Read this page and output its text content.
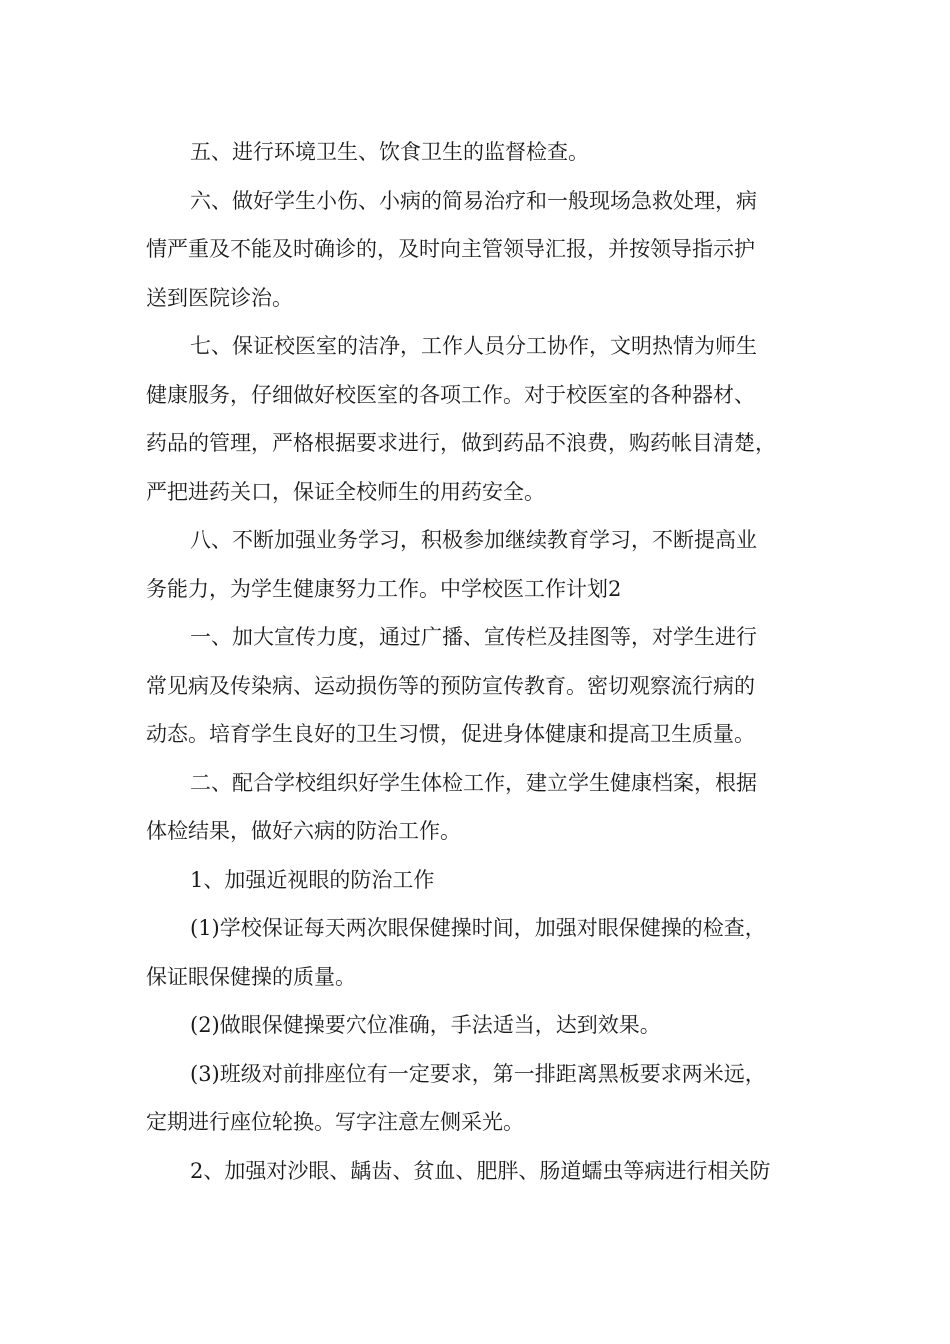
五、进行环境卫生、饮食卫生的监督检查。

六、做好学生小伤、小病的简易治疗和一般现场急救处理，病

情严重及不能及时确诊的，及时向主管领导汇报，并按领导指示护

送到医院诊治。

七、保证校医室的洁净，工作人员分工协作，文明热情为师生

健康服务，仔细做好校医室的各项工作。对于校医室的各种器材、

药品的管理，严格根据要求进行，做到药品不浪费，购药帐目清楚，

严把进药关口，保证全校师生的用药安全。

八、不断加强业务学习，积极参加继续教育学习，不断提高业

务能力，为学生健康努力工作。中学校医工作计划2

一、加大宣传力度，通过广播、宣传栏及挂图等，对学生进行

常见病及传染病、运动损伤等的预防宣传教育。密切观察流行病的

动态。培育学生良好的卫生习惯，促进身体健康和提高卫生质量。

二、配合学校组织好学生体检工作，建立学生健康档案，根据

体检结果，做好六病的防治工作。

1、加强近视眼的防治工作

(1)学校保证每天两次眼保健操时间，加强对眼保健操的检查，

保证眼保健操的质量。

(2)做眼保健操要穴位准确，手法适当，达到效果。

(3)班级对前排座位有一定要求，第一排距离黑板要求两米远，

定期进行座位轮换。写字注意左侧采光。

2、加强对沙眼、龋齿、贫血、肥胖、肠道蠕虫等病进行相关防
